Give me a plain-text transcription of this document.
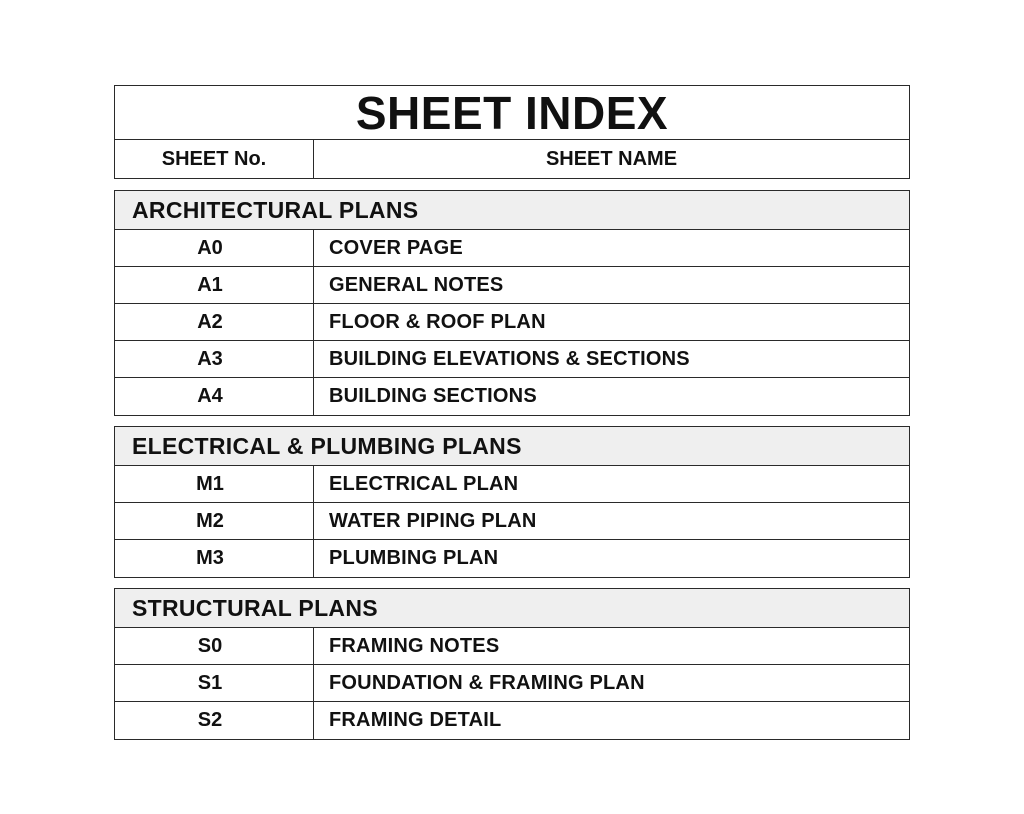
SHEET INDEX
SHEET No.	SHEET NAME
ARCHITECTURAL PLANS
A0	COVER PAGE
A1	GENERAL NOTES
A2	FLOOR & ROOF PLAN
A3	BUILDING ELEVATIONS & SECTIONS
A4	BUILDING SECTIONS
ELECTRICAL & PLUMBING PLANS
M1	ELECTRICAL PLAN
M2	WATER PIPING PLAN
M3	PLUMBING PLAN
STRUCTURAL PLANS
S0	FRAMING NOTES
S1	FOUNDATION & FRAMING PLAN
S2	FRAMING DETAIL
